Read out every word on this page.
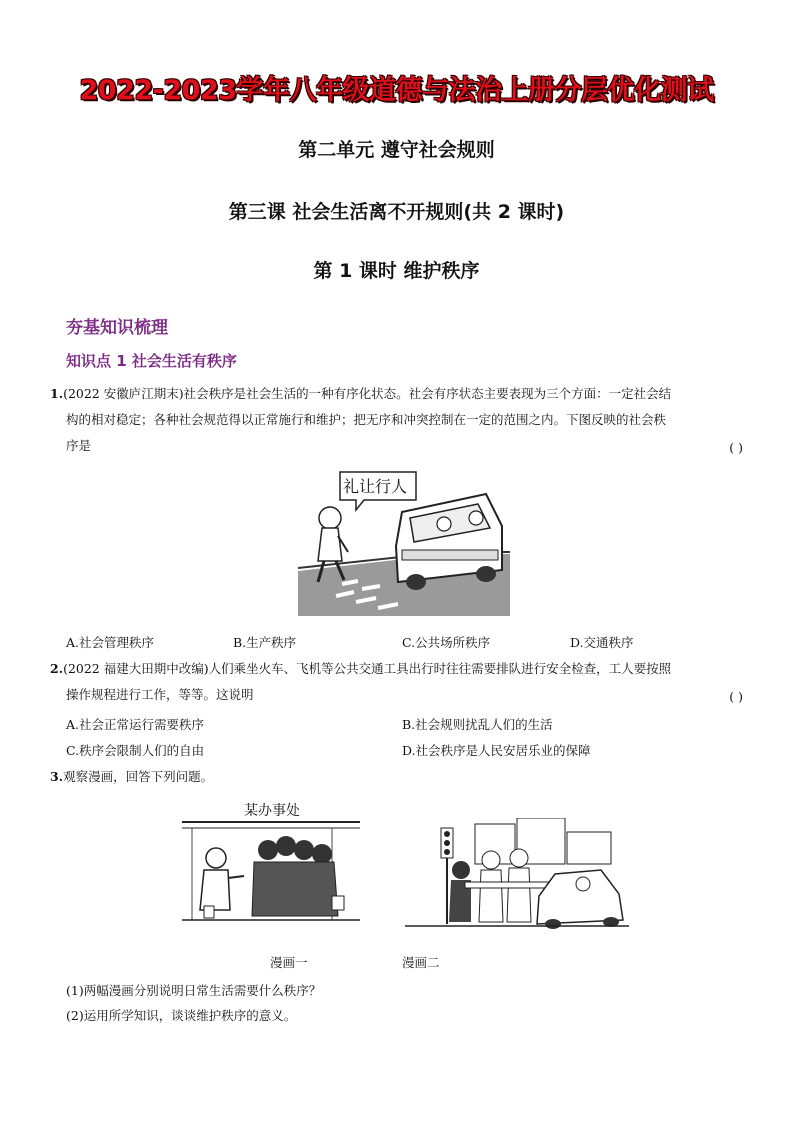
2022-2023学年八年级道德与法治上册分层优化测试
第二单元 遵守社会规则
第三课 社会生活离不开规则(共 2 课时)
第 1 课时 维护秩序
夯基知识梳理
知识点 1 社会生活有秩序
1.(2022 安徽庐江期末)社会秩序是社会生活的一种有序化状态。社会有序状态主要表现为三个方面：一定社会结
构的相对稳定；各种社会规范得以正常施行和维护；把无序和冲突控制在一定的范围之内。下图反映的社会秩
序是	( )
礼让行人
A.社会管理秩序	B.生产秩序	C.公共场所秩序	D.交通秩序
2.(2022 福建大田期中改编)人们乘坐火车、飞机等公共交通工具出行时往往需要排队进行安全检查，工人要按照
操作规程进行工作，等等。这说明	( )
A.社会正常运行需要秩序	B.社会规则扰乱人们的生活
C.秩序会限制人们的自由	D.社会秩序是人民安居乐业的保障
3.观察漫画，回答下列问题。
某办事处
漫画一	漫画二
(1)两幅漫画分别说明日常生活需要什么秩序？
(2)运用所学知识，谈谈维护秩序的意义。
